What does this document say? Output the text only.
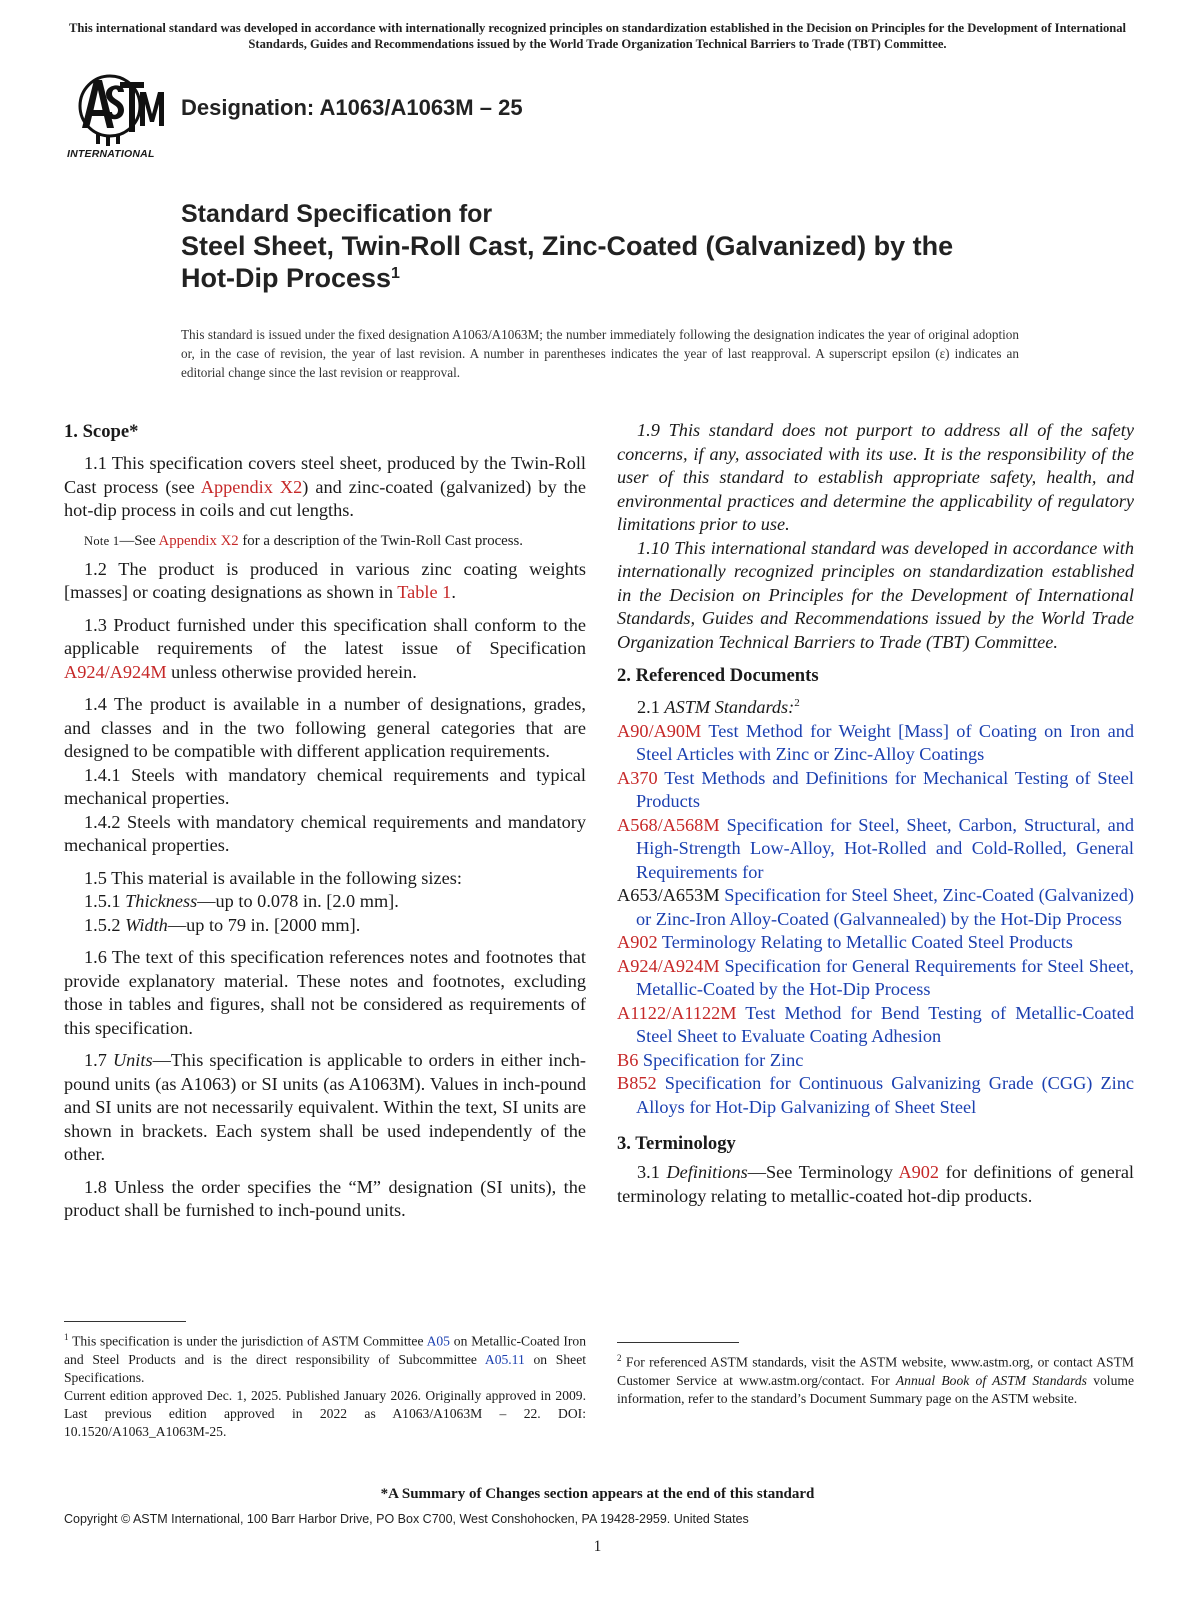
This international standard was developed in accordance with internationally recognized principles on standardization established in the Decision on Principles for the Development of International Standards, Guides and Recommendations issued by the World Trade Organization Technical Barriers to Trade (TBT) Committee.
INTERNATIONAL
Designation: A1063/A1063M – 25
Standard Specification for
Steel Sheet, Twin-Roll Cast, Zinc-Coated (Galvanized) by the
Hot-Dip Process$^1$
This standard is issued under the fixed designation A1063/A1063M; the number immediately following the designation indicates the year of original adoption or, in the case of revision, the year of last revision. A number in parentheses indicates the year of last reapproval. A superscript epsilon (ε) indicates an editorial change since the last revision or reapproval.
1. Scope*

1.1 This specification covers steel sheet, produced by the Twin-Roll Cast process (see Appendix X2) and zinc-coated (galvanized) by the hot-dip process in coils and cut lengths.

Note 1—See Appendix X2 for a description of the Twin-Roll Cast process.

1.2 The product is produced in various zinc coating weights [masses] or coating designations as shown in Table 1.

1.3 Product furnished under this specification shall conform to the applicable requirements of the latest issue of Specification A924/A924M unless otherwise provided herein.

1.4 The product is available in a number of designations, grades, and classes and in the two following general categories that are designed to be compatible with different application requirements.

1.4.1 Steels with mandatory chemical requirements and typical mechanical properties.

1.4.2 Steels with mandatory chemical requirements and mandatory mechanical properties.

1.5 This material is available in the following sizes:

1.5.1 Thickness—up to 0.078 in. [2.0 mm].

1.5.2 Width—up to 79 in. [2000 mm].

1.6 The text of this specification references notes and footnotes that provide explanatory material. These notes and footnotes, excluding those in tables and figures, shall not be considered as requirements of this specification.

1.7 Units—This specification is applicable to orders in either inch-pound units (as A1063) or SI units (as A1063M). Values in inch-pound and SI units are not necessarily equivalent. Within the text, SI units are shown in brackets. Each system shall be used independently of the other.

1.8 Unless the order specifies the “M” designation (SI units), the product shall be furnished to inch-pound units.

$^1$ This specification is under the jurisdiction of ASTM Committee A05 on Metallic-Coated Iron and Steel Products and is the direct responsibility of Subcommittee A05.11 on Sheet Specifications.

Current edition approved Dec. 1, 2025. Published January 2026. Originally approved in 2009. Last previous edition approved in 2022 as A1063/A1063M – 22. DOI: 10.1520/A1063_A1063M-25.

1.9 This standard does not purport to address all of the safety concerns, if any, associated with its use. It is the responsibility of the user of this standard to establish appropriate safety, health, and environmental practices and determine the applicability of regulatory limitations prior to use.

1.10 This international standard was developed in accordance with internationally recognized principles on standardization established in the Decision on Principles for the Development of International Standards, Guides and Recommendations issued by the World Trade Organization Technical Barriers to Trade (TBT) Committee.

2. Referenced Documents

2.1 ASTM Standards:$^2$

A90/A90M Test Method for Weight [Mass] of Coating on Iron and Steel Articles with Zinc or Zinc-Alloy Coatings

A370 Test Methods and Definitions for Mechanical Testing of Steel Products

A568/A568M Specification for Steel, Sheet, Carbon, Structural, and High-Strength Low-Alloy, Hot-Rolled and Cold-Rolled, General Requirements for

A653/A653M Specification for Steel Sheet, Zinc-Coated (Galvanized) or Zinc-Iron Alloy-Coated (Galvannealed) by the Hot-Dip Process

A902 Terminology Relating to Metallic Coated Steel Products

A924/A924M Specification for General Requirements for Steel Sheet, Metallic-Coated by the Hot-Dip Process

A1122/A1122M Test Method for Bend Testing of Metallic-Coated Steel Sheet to Evaluate Coating Adhesion

B6 Specification for Zinc

B852 Specification for Continuous Galvanizing Grade (CGG) Zinc Alloys for Hot-Dip Galvanizing of Sheet Steel

3. Terminology

3.1 Definitions—See Terminology A902 for definitions of general terminology relating to metallic-coated hot-dip products.

$^2$ For referenced ASTM standards, visit the ASTM website, www.astm.org, or contact ASTM Customer Service at www.astm.org/contact. For Annual Book of ASTM Standards volume information, refer to the standard’s Document Summary page on the ASTM website.

*A Summary of Changes section appears at the end of this standard
Copyright © ASTM International, 100 Barr Harbor Drive, PO Box C700, West Conshohocken, PA 19428-2959. United States
1
